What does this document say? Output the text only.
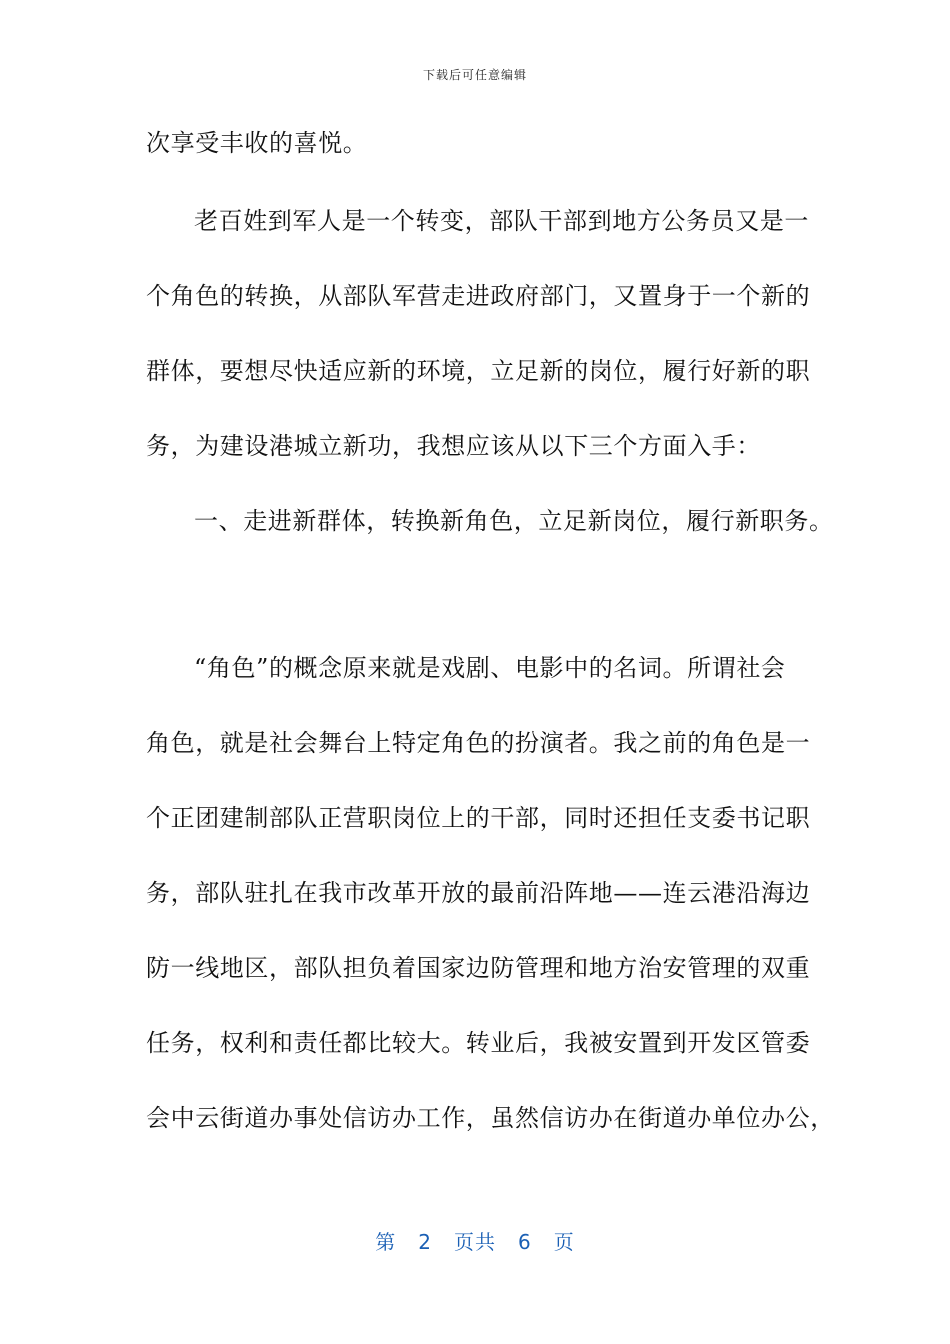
下载后可任意编辑
次享受丰收的喜悦。
老百姓到军人是一个转变，部队干部到地方公务员又是一
个角色的转换，从部队军营走进政府部门，又置身于一个新的
群体，要想尽快适应新的环境，立足新的岗位，履行好新的职
务，为建设港城立新功，我想应该从以下三个方面入手：
一、走进新群体，转换新角色，立足新岗位，履行新职务。
“角色”的概念原来就是戏剧、电影中的名词。所谓社会
角色，就是社会舞台上特定角色的扮演者。我之前的角色是一
个正团建制部队正营职岗位上的干部，同时还担任支委书记职
务，部队驻扎在我市改革开放的最前沿阵地——连云港沿海边
防一线地区，部队担负着国家边防管理和地方治安管理的双重
任务，权利和责任都比较大。转业后，我被安置到开发区管委
会中云街道办事处信访办工作，虽然信访办在街道办单位办公，
第 2 页共 6 页
